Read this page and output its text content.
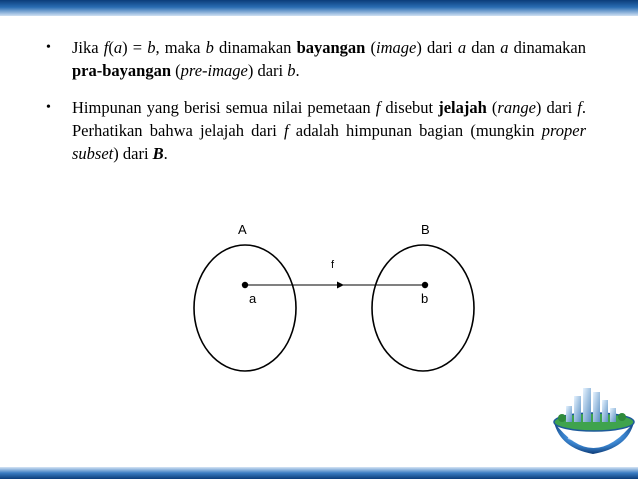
• Jika f(a) = b, maka b dinamakan bayangan (image) dari a dan a dinamakan pra-bayangan (pre-image) dari b.
• Himpunan yang berisi semua nilai pemetaan f disebut jelajah (range) dari f. Perhatikan bahwa jelajah dari f adalah himpunan bagian (mungkin proper subset) dari B.
A	B
f
a	b
